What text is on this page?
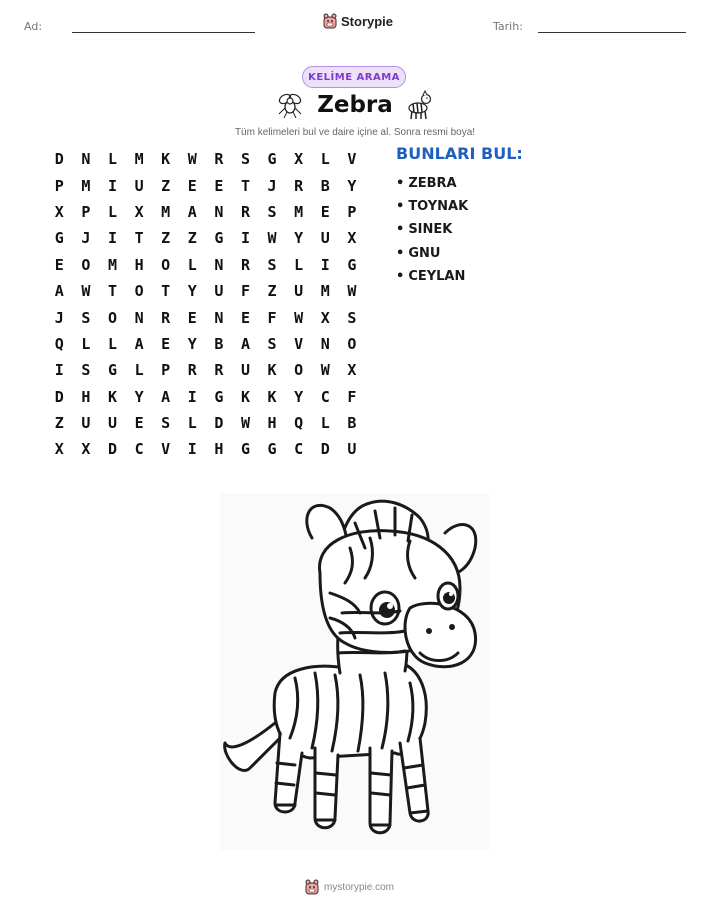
Ad:	Storypie	Tarih:
KELİME ARAMA
Zebra
Tüm kelimeleri bul ve daire içine al. Sonra resmi boya!
D	N	L	M	K	W	R	S	G	X	L	V
P	M	I	U	Z	E	E	T	J	R	B	Y
X	P	L	X	M	A	N	R	S	M	E	P
G	J	I	T	Z	Z	G	I	W	Y	U	X
E	O	M	H	O	L	N	R	S	L	I	G
A	W	T	O	T	Y	U	F	Z	U	M	W
J	S	O	N	R	E	N	E	F	W	X	S
Q	L	L	A	E	Y	B	A	S	V	N	O
I	S	G	L	P	R	R	U	K	O	W	X
D	H	K	Y	A	I	G	K	K	Y	C	F
Z	U	U	E	S	L	D	W	H	Q	L	B
X	X	D	C	V	I	H	G	G	C	D	U
BUNLARI BUL:
• ZEBRA
• TOYNAK
• SINEK
• GNU
• CEYLAN
mystorypie.com
